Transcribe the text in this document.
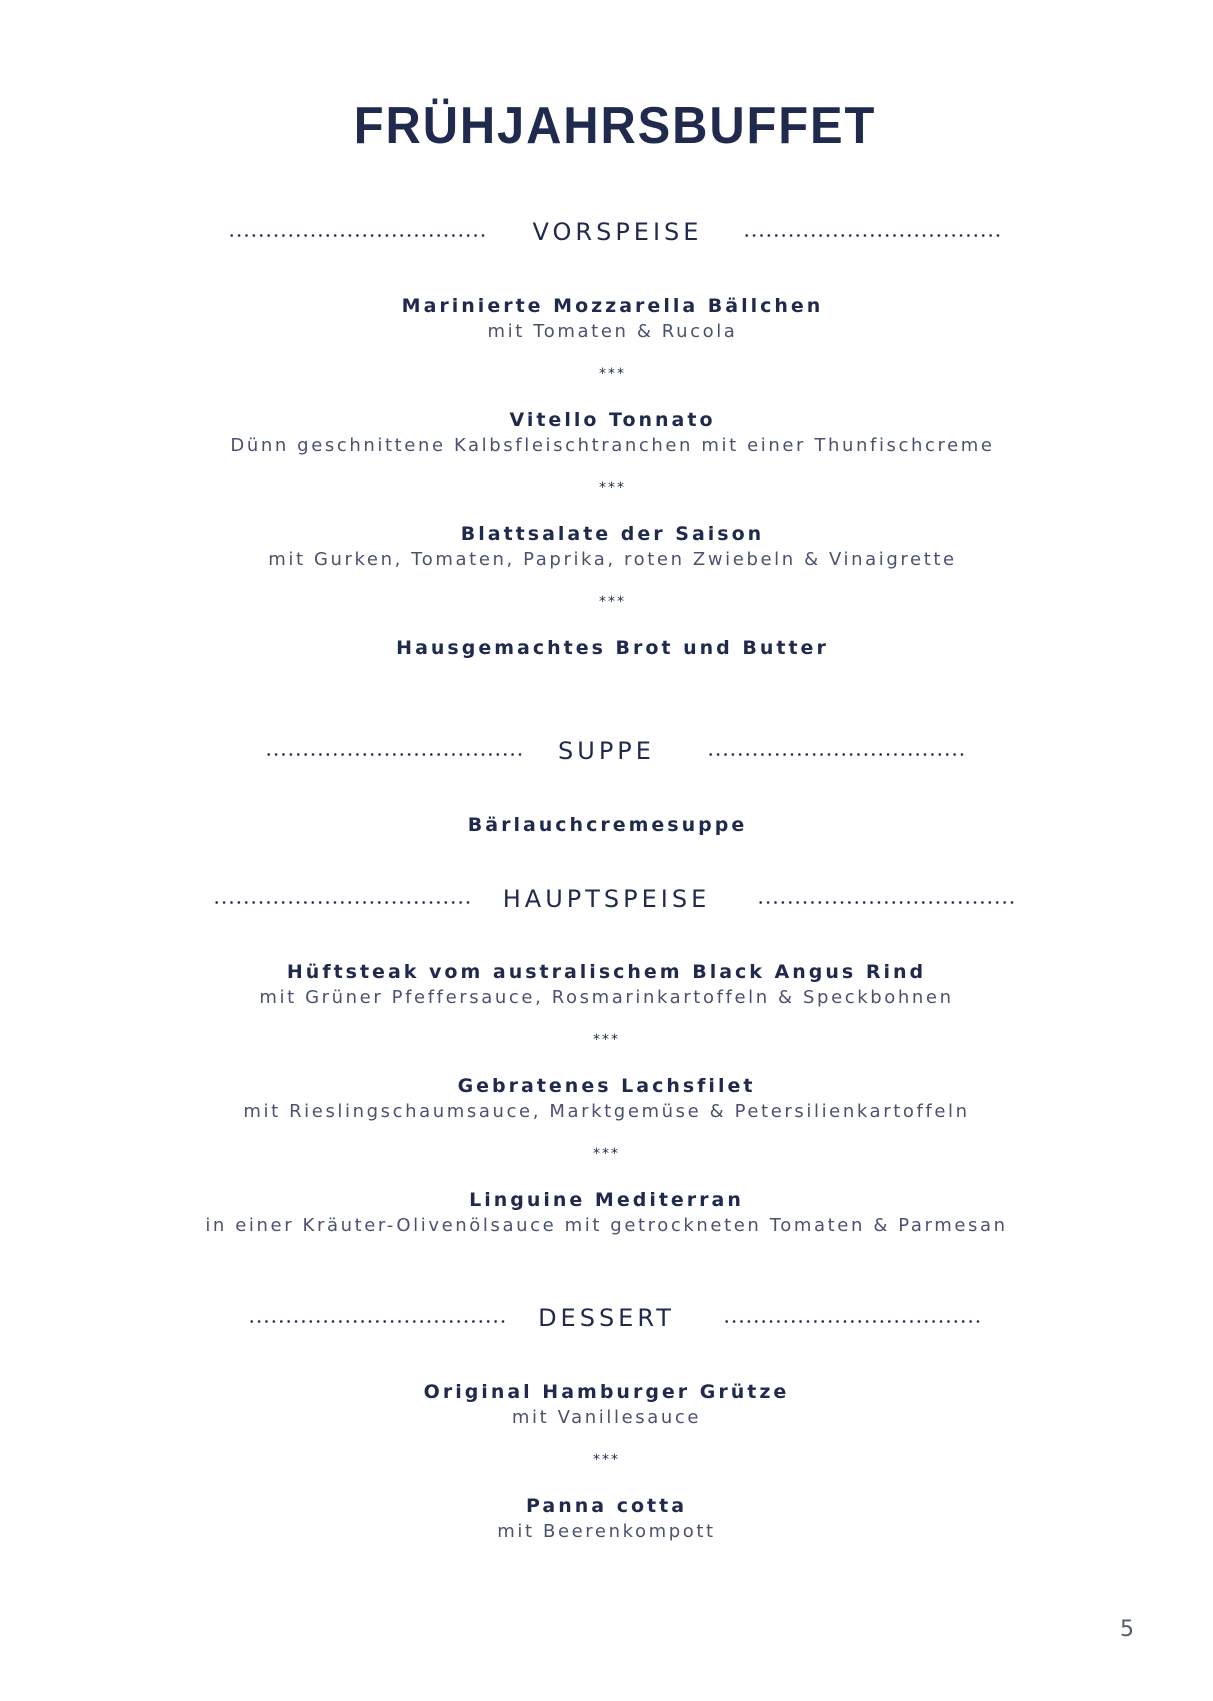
FRÜHJAHRSBUFFET
VORSPEISE
Marinierte Mozzarella Bällchen
mit Tomaten & Rucola
***
Vitello Tonnato
Dünn geschnittene Kalbsfleischtranchen mit einer Thunfischcreme
***
Blattsalate der Saison
mit Gurken, Tomaten, Paprika, roten Zwiebeln & Vinaigrette
***
Hausgemachtes Brot und Butter
SUPPE
Bärlauchcremesuppe
HAUPTSPEISE
Hüftsteak vom australischem Black Angus Rind
mit Grüner Pfeffersauce, Rosmarinkartoffeln & Speckbohnen
***
Gebratenes Lachsfilet
mit Rieslingschaumsauce, Marktgemüse & Petersilienkartoffeln
***
Linguine Mediterran
in einer Kräuter-Olivenölsauce mit getrockneten Tomaten & Parmesan
DESSERT
Original Hamburger Grütze
mit Vanillesauce
***
Panna cotta
mit Beerenkompott
5
